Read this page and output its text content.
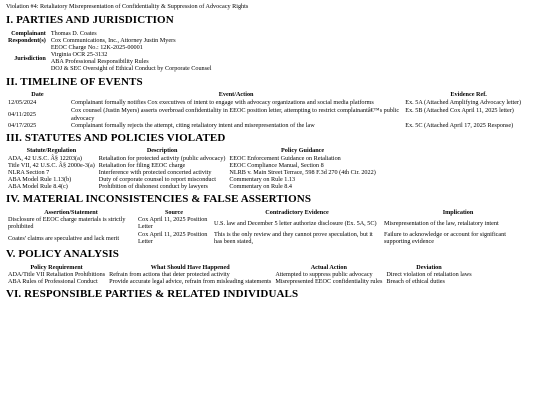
Violation #4: Retaliatory Misrepresentation of Confidentiality & Suppression of Advocacy Rights
I. PARTIES AND JURISDICTION
Complainant	Thomas D. Coates
Respondent(s)	Cox Communications, Inc., Attorney Justin Myers
Jurisdiction	EEOC Charge No.: 12K-2025-00001
Virginia OCR 25-3132
ABA Professional Responsibility Rules
DOJ & SEC Oversight of Ethical Conduct by Corporate Counsel
II. TIMELINE OF EVENTS
Date	Event/Action	Evidence Ref.

12/05/2024	Complainant formally notifies Cox executives of intent to engage with advocacy organizations and social media platforms	Ex. 5A (Attached Amplifying Advocacy letter)

04/11/2025	Cox counsel (Justin Myers) asserts overbroad confidentiality in EEOC position letter, attempting to restrict complainantâ€™s public advocacy	Ex. 5B (Attached Cox April 11, 2025 letter)
04/17/2025	Complainant formally rejects the attempt, citing retaliatory intent and misrepresentation of the law	Ex. 5C (Attached April 17, 2025 Response)
III. STATUTES AND POLICIES VIOLATED
Statute/Regulation	Description	Policy Guidance
ADA, 42 U.S.C. Â§ 12203(a)	Retaliation for protected activity (public advocacy)	EEOC Enforcement Guidance on Retaliation
Title VII, 42 U.S.C. Â§ 2000e-3(a)	Retaliation for filing EEOC charge	EEOC Compliance Manual, Section 8
NLRA Section 7	Interference with protected concerted activity	NLRB v. Main Street Terrace, 598 F.3d 270 (4th Cir. 2022)
ABA Model Rule 1.13(b)	Duty of corporate counsel to report misconduct	Commentary on Rule 1.13
ABA Model Rule 8.4(c)	Prohibition of dishonest conduct by lawyers	Commentary on Rule 8.4
IV. MATERIAL INCONSISTENCIES & FALSE ASSERTIONS
Assertion/Statement	Source	Contradictory Evidence	Implication
Disclosure of EEOC charge materials is strictly prohibited	Cox April 11, 2025 Position Letter	U.S. law and December 5 letter authorize disclosure (Ex. 5A, 5C)	Misrepresentation of the law, retaliatory intent

Coates' claims are speculative and lack merit	Cox April 11, 2025 Position Letter	This is the only review and they cannot prove speculation, but it has been stated,	Failure to acknowledge or account for significant supporting evidence
V. POLICY ANALYSIS
Policy Requirement	What Should Have Happened	Actual Action	Deviation
ADA/Title VII Retaliation Prohibitions	Refrain from actions that deter protected activity	Attempted to suppress public advocacy	Direct violation of retaliation laws
ABA Rules of Professional Conduct	Provide accurate legal advice, refrain from misleading statements	Misrepresented EEOC confidentiality rules	Breach of ethical duties
VI. RESPONSIBLE PARTIES & RELATED INDIVIDUALS
